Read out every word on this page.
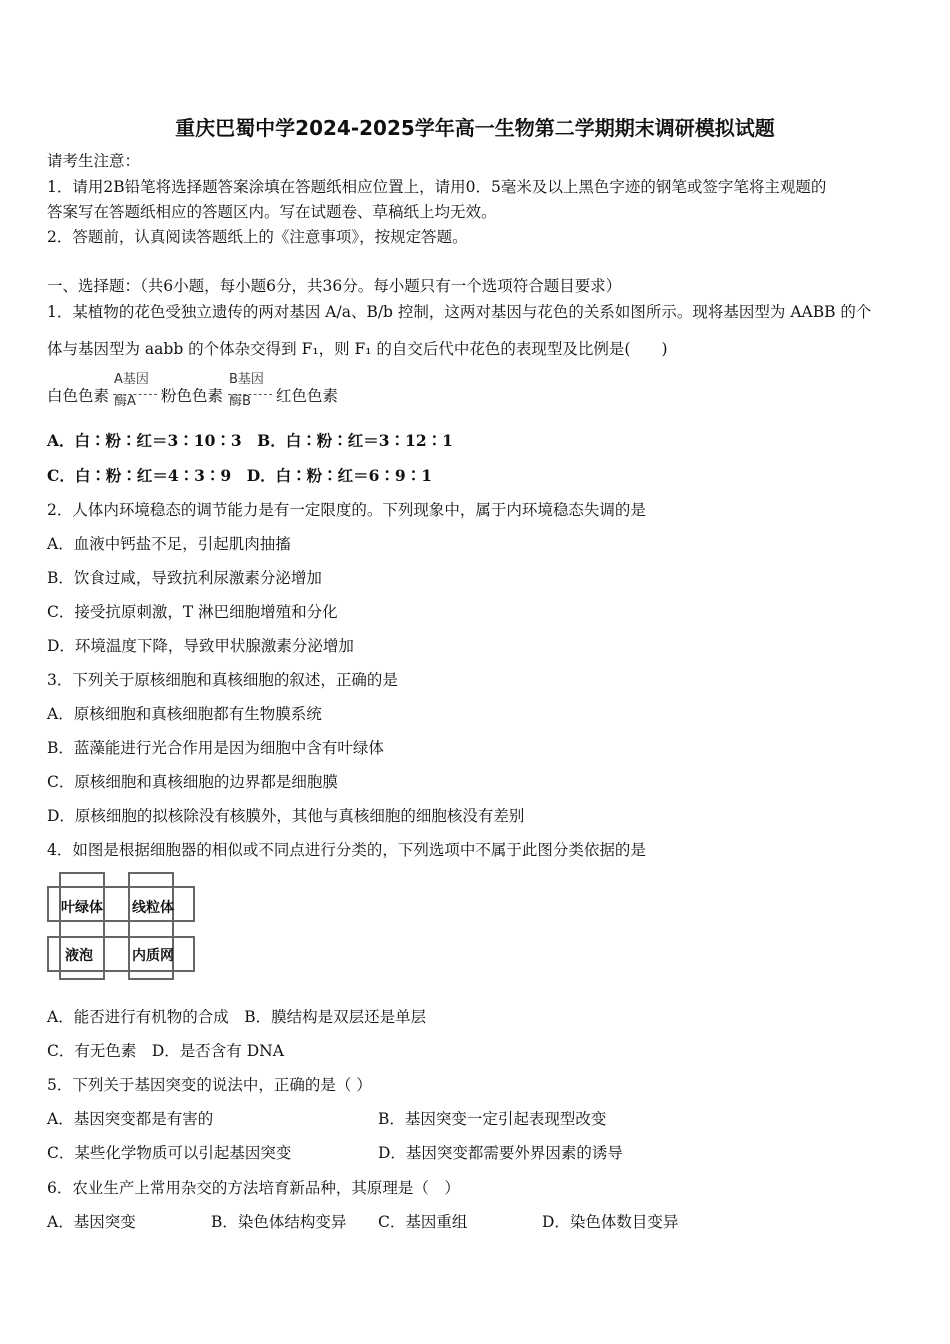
重庆巴蜀中学2024-2025学年高一生物第二学期期末调研模拟试题
请考生注意：
1．请用2B铅笔将选择题答案涂填在答题纸相应位置上，请用0．5毫米及以上黑色字迹的钢笔或签字笔将主观题的
答案写在答题纸相应的答题区内。写在试题卷、草稿纸上均无效。
2．答题前，认真阅读答题纸上的《注意事项》，按规定答题。
一、选择题：（共6小题，每小题6分，共36分。每小题只有一个选项符合题目要求）
1．某植物的花色受独立遗传的两对基因 A/a、B/b 控制，这两对基因与花色的关系如图所示。现将基因型为 AABB 的个
体与基因型为 aabb 的个体杂交得到 F₁，则 F₁ 的自交后代中花色的表现型及比例是(　　)
白色色素
A基因
酶A 粉色色素
B基因
酶B 红色色素
A．白∶粉∶红＝3∶10∶3　B．白∶粉∶红＝3∶12∶1
C．白∶粉∶红＝4∶3∶9　D．白∶粉∶红＝6∶9∶1
2．人体内环境稳态的调节能力是有一定限度的。下列现象中，属于内环境稳态失调的是
A．血液中钙盐不足，引起肌肉抽搐
B．饮食过咸，导致抗利尿激素分泌增加
C．接受抗原刺激，T 淋巴细胞增殖和分化
D．环境温度下降，导致甲状腺激素分泌增加
3．下列关于原核细胞和真核细胞的叙述，正确的是
A．原核细胞和真核细胞都有生物膜系统
B．蓝藻能进行光合作用是因为细胞中含有叶绿体
C．原核细胞和真核细胞的边界都是细胞膜
D．原核细胞的拟核除没有核膜外，其他与真核细胞的细胞核没有差别
4．如图是根据细胞器的相似或不同点进行分类的，下列选项中不属于此图分类依据的是
叶绿体 线粒体
液泡	内质网
A．能否进行有机物的合成　B．膜结构是双层还是单层
C．有无色素　D．是否含有 DNA
5．下列关于基因突变的说法中，正确的是（ ）
A．基因突变都是有害的	B．基因突变一定引起表现型改变
C．某些化学物质可以引起基因突变	D．基因突变都需要外界因素的诱导
6．农业生产上常用杂交的方法培育新品种，其原理是（　）
A．基因突变	B．染色体结构变异 C．基因重组	D．染色体数目变异
